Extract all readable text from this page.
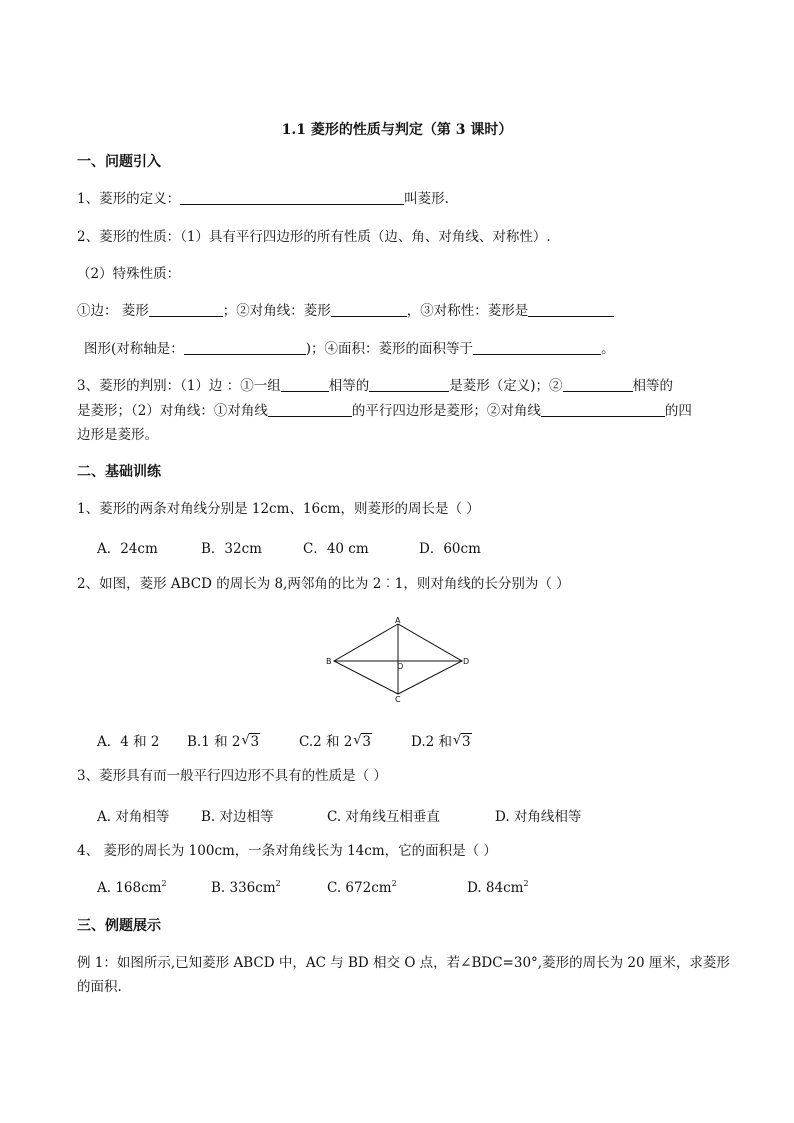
1.1 菱形的性质与判定（第 3 课时）
一、问题引入
1、菱形的定义：	叫菱形.
2、菱形的性质：（1）具有平行四边形的所有性质（边、角、对角线、对称性）.
（2）特殊性质：
①边： 菱形	；②对角线：菱形	，③对称性：菱形是
图形(对称轴是：	)；④面积：菱形的面积等于	。
3、菱形的判别：（1）边 ：①一组	相等的	是菱形（定义)；②	相等的
是菱形；（2）对角线：①对角线	的平行四边形是菱形；②对角线	的四
边形是菱形。
二、基础训练
1、菱形的两条对角线分别是 12cm、16cm，则菱形的周长是（ ）
A．24cm	B．32cm	C．40 cm	D．60cm
2、如图，菱形 ABCD 的周长为 8,两邻角的比为 2︰1，则对角线的长分别为（ ）
A
B
C
D
O
A．4 和 2 B.1 和 2 √ 3	C.2 和 2 √ 3	D.2 和 √ 3
3、菱形具有而一般平行四边形不具有的性质是（ ）
A. 对角相等 B. 对边相等	C. 对角线互相垂直	D. 对角线相等
4、 菱形的周长为 100cm，一条对角线长为 14cm，它的面积是（ ）
A. $168cm^2$	B. $336cm^2$	C. $672cm^2$	D. $84cm^2$
三、例题展示
例 1：如图所示,已知菱形 ABCD 中，AC 与 BD 相交 O 点，若∠BDC=30°,菱形的周长为 20 厘米，求菱形
的面积.
